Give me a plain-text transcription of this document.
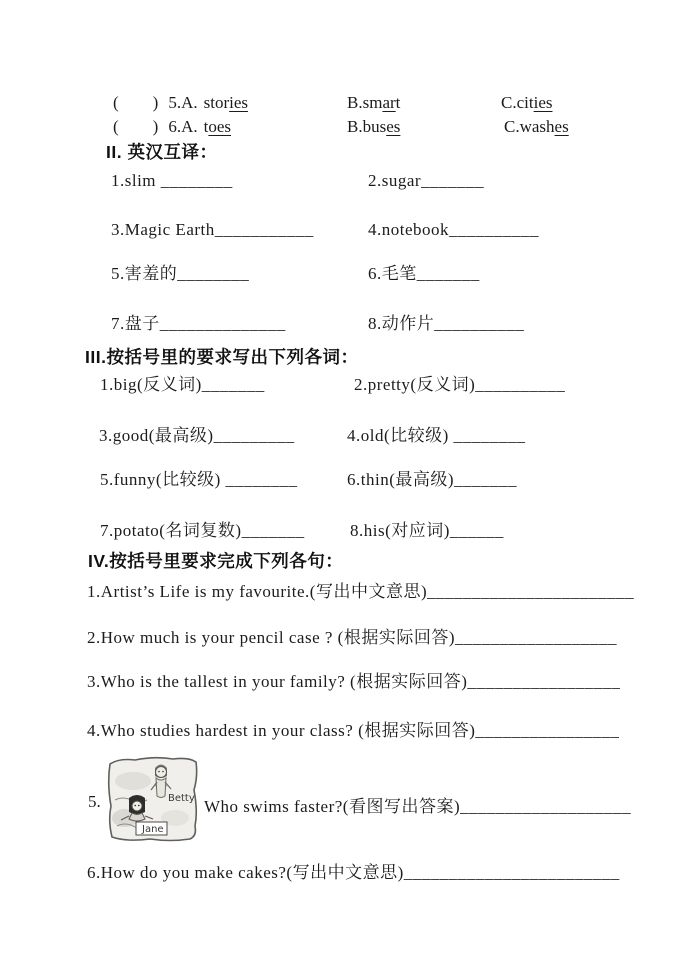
(        ) 5.A. stories	B.smart	C.cities
(        ) 6.A. toes	B.buses	C.washes
II. 英汉互译：
1.slim ________	2.sugar_______
3.Magic Earth___________	4.notebook__________
5.害羞的________	6.毛笔_______
7.盘子______________	8.动作片__________
III.按括号里的要求写出下列各词：
1.big(反义词)_______	2.pretty(反义词)__________
3.good(最高级)_________	4.old(比较级) ________
5.funny(比较级) ________	6.thin(最高级)_______
7.potato(名词复数)_______	8.his(对应词)______
IV.按括号里要求完成下列各句：
1.Artist’s Life is my favourite.(写出中文意思)_______________________
2.How much is your pencil case ? (根据实际回答)__________________
3.Who is the tallest in your family? (根据实际回答)_________________
4.Who studies hardest in your class? (根据实际回答)________________
5.	Betty
Jane
Who swims faster?(看图写出答案)___________________
6.How do you make cakes?(写出中文意思)________________________
